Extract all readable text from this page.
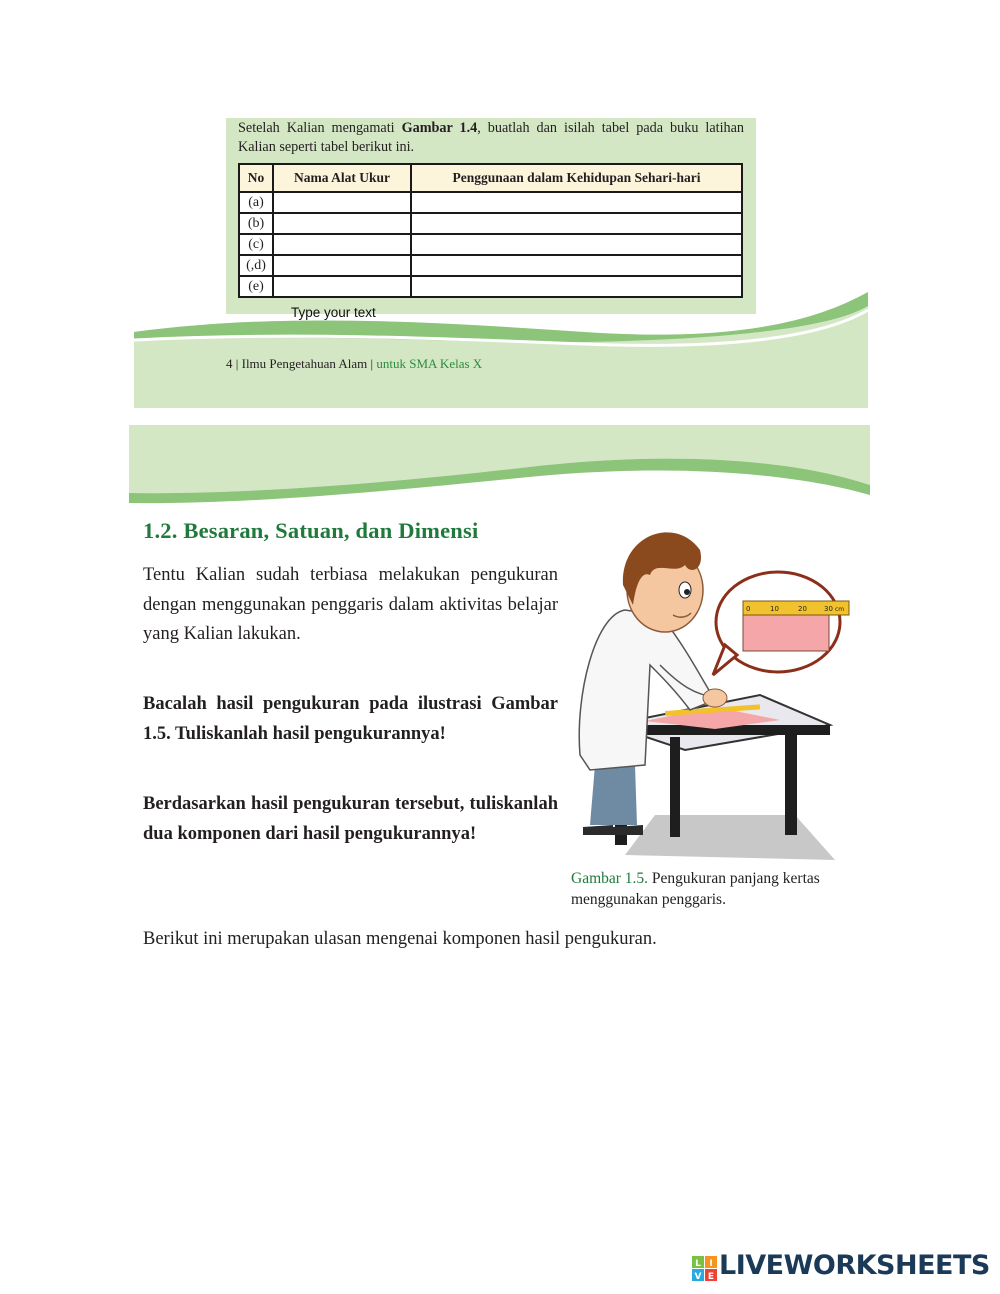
Setelah Kalian mengamati Gambar 1.4, buatlah dan isilah tabel pada buku latihan Kalian seperti tabel berikut ini.
No	Nama Alat Ukur	Penggunaan dalam Kehidupan Sehari-hari
(a)		
(b)		
(c)		
(,d)		
(e)		
Type your text
4 | Ilmu Pengetahuan Alam | untuk SMA Kelas X
1.2. Besaran, Satuan, dan Dimensi
Tentu Kalian sudah terbiasa melakukan pengukuran dengan menggunakan penggaris dalam aktivitas belajar yang Kalian lakukan.
Bacalah hasil pengukuran pada ilustrasi Gambar 1.5. Tuliskanlah hasil pengukurannya!
Berdasarkan hasil pengukuran tersebut, tuliskanlah dua komponen dari hasil pengukurannya!
Berikut ini merupakan ulasan mengenai komponen hasil pengukuran.
0	10	20 30 cm
Gambar 1.5. Pengukuran panjang kertas menggunakan penggaris.
L I
V E LIVEWORKSHEETS
